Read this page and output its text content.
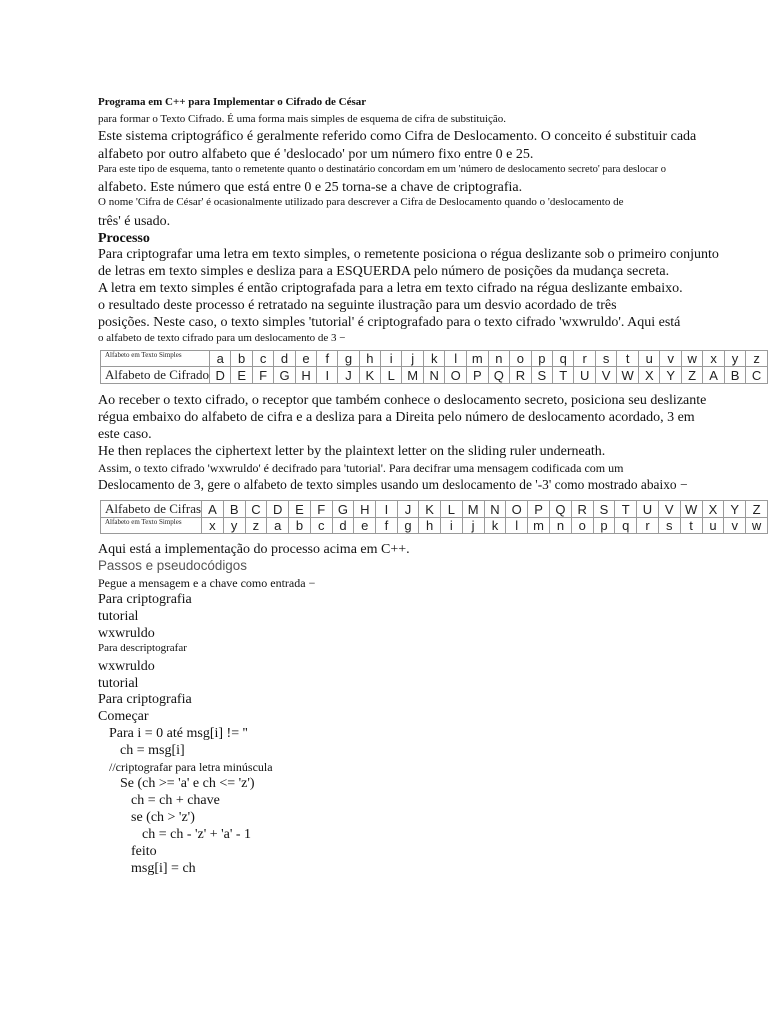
Programa em C++ para Implementar o Cifrado de César
para formar o Texto Cifrado. É uma forma mais simples de esquema de cifra de substituição.
Este sistema criptográfico é geralmente referido como Cifra de Deslocamento. O conceito é substituir cada
alfabeto por outro alfabeto que é 'deslocado' por um número fixo entre 0 e 25.
Para este tipo de esquema, tanto o remetente quanto o destinatário concordam em um 'número de deslocamento secreto' para deslocar o
alfabeto. Este número que está entre 0 e 25 torna-se a chave de criptografia.
O nome 'Cifra de César' é ocasionalmente utilizado para descrever a Cifra de Deslocamento quando o 'deslocamento de
três' é usado.
Processo
Para criptografar uma letra em texto simples, o remetente posiciona o régua deslizante sob o primeiro conjunto
de letras em texto simples e desliza para a ESQUERDA pelo número de posições da mudança secreta.
A letra em texto simples é então criptografada para a letra em texto cifrado na régua deslizante embaixo.
o resultado deste processo é retratado na seguinte ilustração para um desvio acordado de três
posições. Neste caso, o texto simples 'tutorial' é criptografado para o texto cifrado 'wxwruldo'. Aqui está
o alfabeto de texto cifrado para um deslocamento de 3 −
Alfabeto em Texto Simples	a	b	c	d	e	f	g	h	i	j	k	l	m	n	o	p	q	r	s	t	u	v	w	x	y	z
Alfabeto de Cifrado	D	E	F	G	H	I	J	K	L	M	N	O	P	Q	R	S	T	U	V	W	X	Y	Z	A	B	C
Ao receber o texto cifrado, o receptor que também conhece o deslocamento secreto, posiciona seu deslizante
régua embaixo do alfabeto de cifra e a desliza para a Direita pelo número de deslocamento acordado, 3 em
este caso.
He then replaces the ciphertext letter by the plaintext letter on the sliding ruler underneath.
Assim, o texto cifrado 'wxwruldo' é decifrado para 'tutorial'. Para decifrar uma mensagem codificada com um
Deslocamento de 3, gere o alfabeto de texto simples usando um deslocamento de '-3' como mostrado abaixo −
Alfabeto de Cifras	A	B	C	D	E	F	G	H	I	J	K	L	M	N	O	P	Q	R	S	T	U	V	W	X	Y	Z
Alfabeto em Texto Simples	x	y	z	a	b	c	d	e	f	g	h	i	j	k	l	m	n	o	p	q	r	s	t	u	v	w
Aqui está a implementação do processo acima em C++.
Passos e pseudocódigos
Pegue a mensagem e a chave como entrada −
Para criptografia
tutorial
wxwruldo
Para descriptografar
wxwruldo
tutorial
Para criptografia
Começar
Para i = 0 até msg[i] != ''
ch = msg[i]
//criptografar para letra minúscula
Se (ch >= 'a' e ch <= 'z')
ch = ch + chave
se (ch > 'z')
ch = ch - 'z' + 'a' - 1
feito
msg[i] = ch
